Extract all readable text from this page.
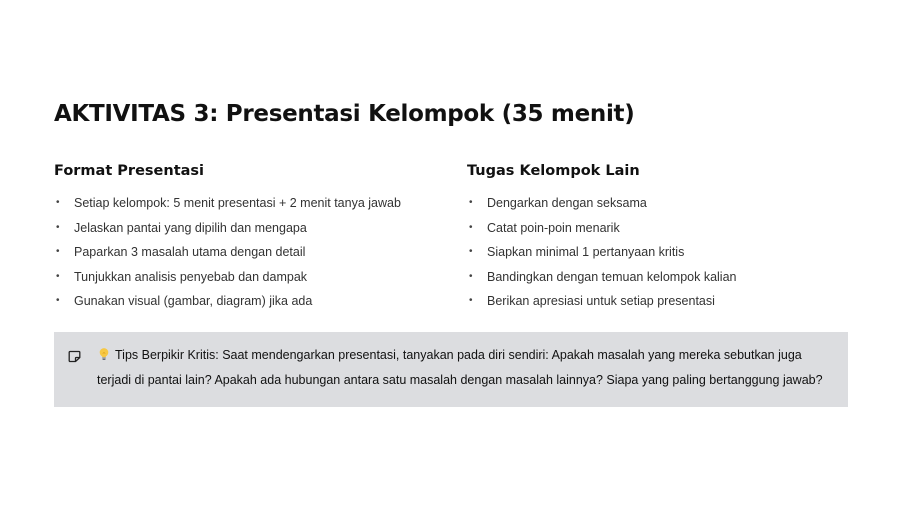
AKTIVITAS 3: Presentasi Kelompok (35 menit)
Format Presentasi
• Setiap kelompok: 5 menit presentasi + 2 menit tanya jawab
• Jelaskan pantai yang dipilih dan mengapa
• Paparkan 3 masalah utama dengan detail
• Tunjukkan analisis penyebab dan dampak
• Gunakan visual (gambar, diagram) jika ada
Tugas Kelompok Lain
• Dengarkan dengan seksama
• Catat poin-poin menarik
• Siapkan minimal 1 pertanyaan kritis
• Bandingkan dengan temuan kelompok kalian
• Berikan apresiasi untuk setiap presentasi
Tips Berpikir Kritis: Saat mendengarkan presentasi, tanyakan pada diri sendiri: Apakah masalah yang mereka sebutkan juga terjadi di pantai lain? Apakah ada hubungan antara satu masalah dengan masalah lainnya? Siapa yang paling bertanggung jawab?
